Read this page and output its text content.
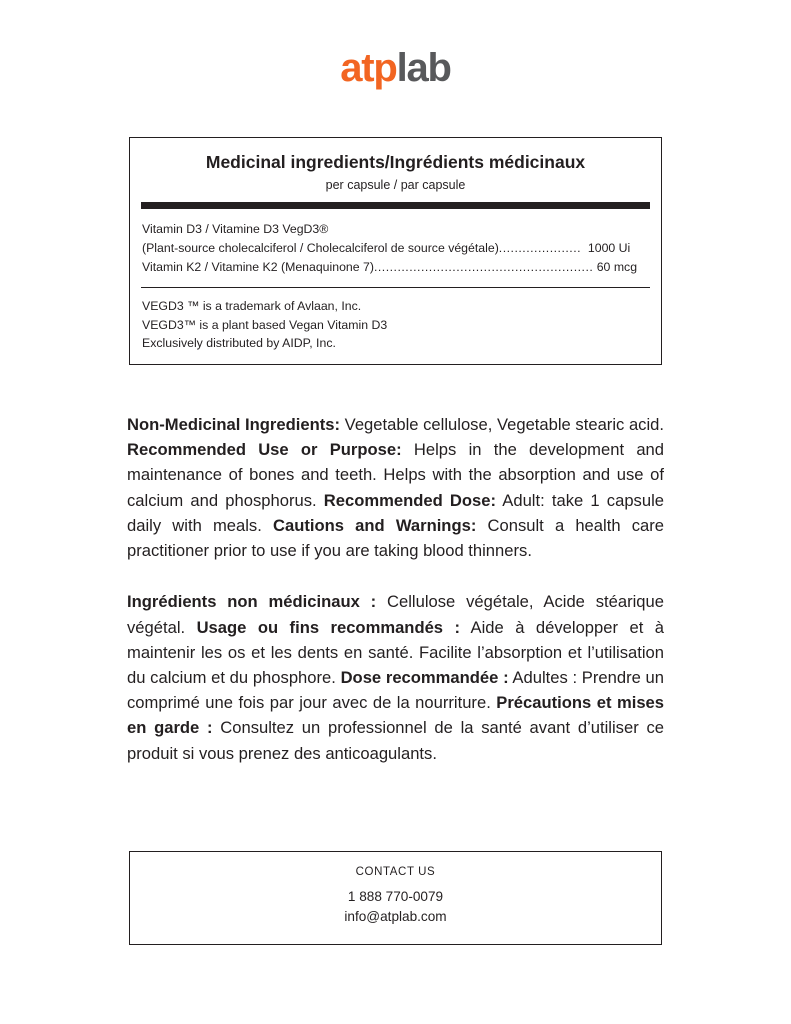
atplab
Medicinal ingredients/Ingrédients médicinaux
per capsule / par capsule
Vitamin D3 / Vitamine D3 VegD3®
(Plant-source cholecalciferol / Cholecalciferol de source végétale)..................... 1000 Ui
Vitamin K2 / Vitamine K2 (Menaquinone 7)........................................................ 60 mcg
VEGD3 ™ is a trademark of Avlaan, Inc.
VEGD3™ is a plant based Vegan Vitamin D3
Exclusively distributed by AIDP, Inc.

Non-Medicinal Ingredients: Vegetable cellulose, Vegetable stearic acid. Recommended Use or Purpose: Helps in the development and maintenance of bones and teeth. Helps with the absorption and use of calcium and phosphorus. Recommended Dose: Adult: take 1 capsule daily with meals. Cautions and Warnings: Consult a health care practitioner prior to use if you are taking blood thinners.

Ingrédients non médicinaux : Cellulose végétale, Acide stéarique végétal. Usage ou fins recommandés : Aide à développer et à maintenir les os et les dents en santé. Facilite l’absorption et l’utilisation du calcium et du phosphore. Dose recommandée : Adultes : Prendre un comprimé une fois par jour avec de la nourriture. Précautions et mises en garde : Consultez un professionnel de la santé avant d’utiliser ce produit si vous prenez des anticoagulants.

CONTACT US
1 888 770-0079
info@atplab.com
